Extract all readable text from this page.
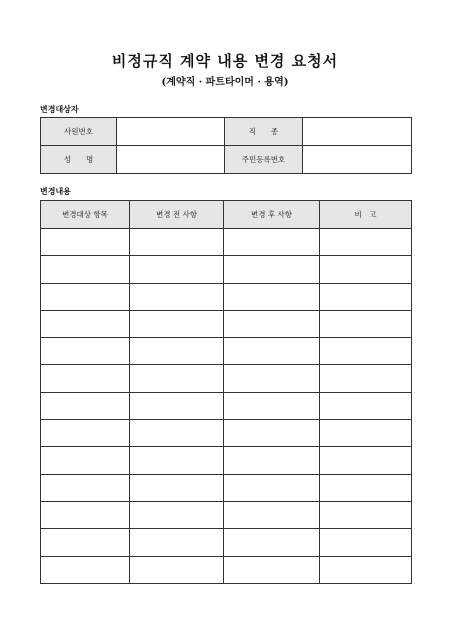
비정규직 계약 내용 변경 요청서
(계약직 · 파트타이머 · 용역)
변경대상자
사원번호		직　　종	
성　　명		주민등록번호	
변경내용
변경대상 항목	변경 전 사항	변경 후 사항	비　고
